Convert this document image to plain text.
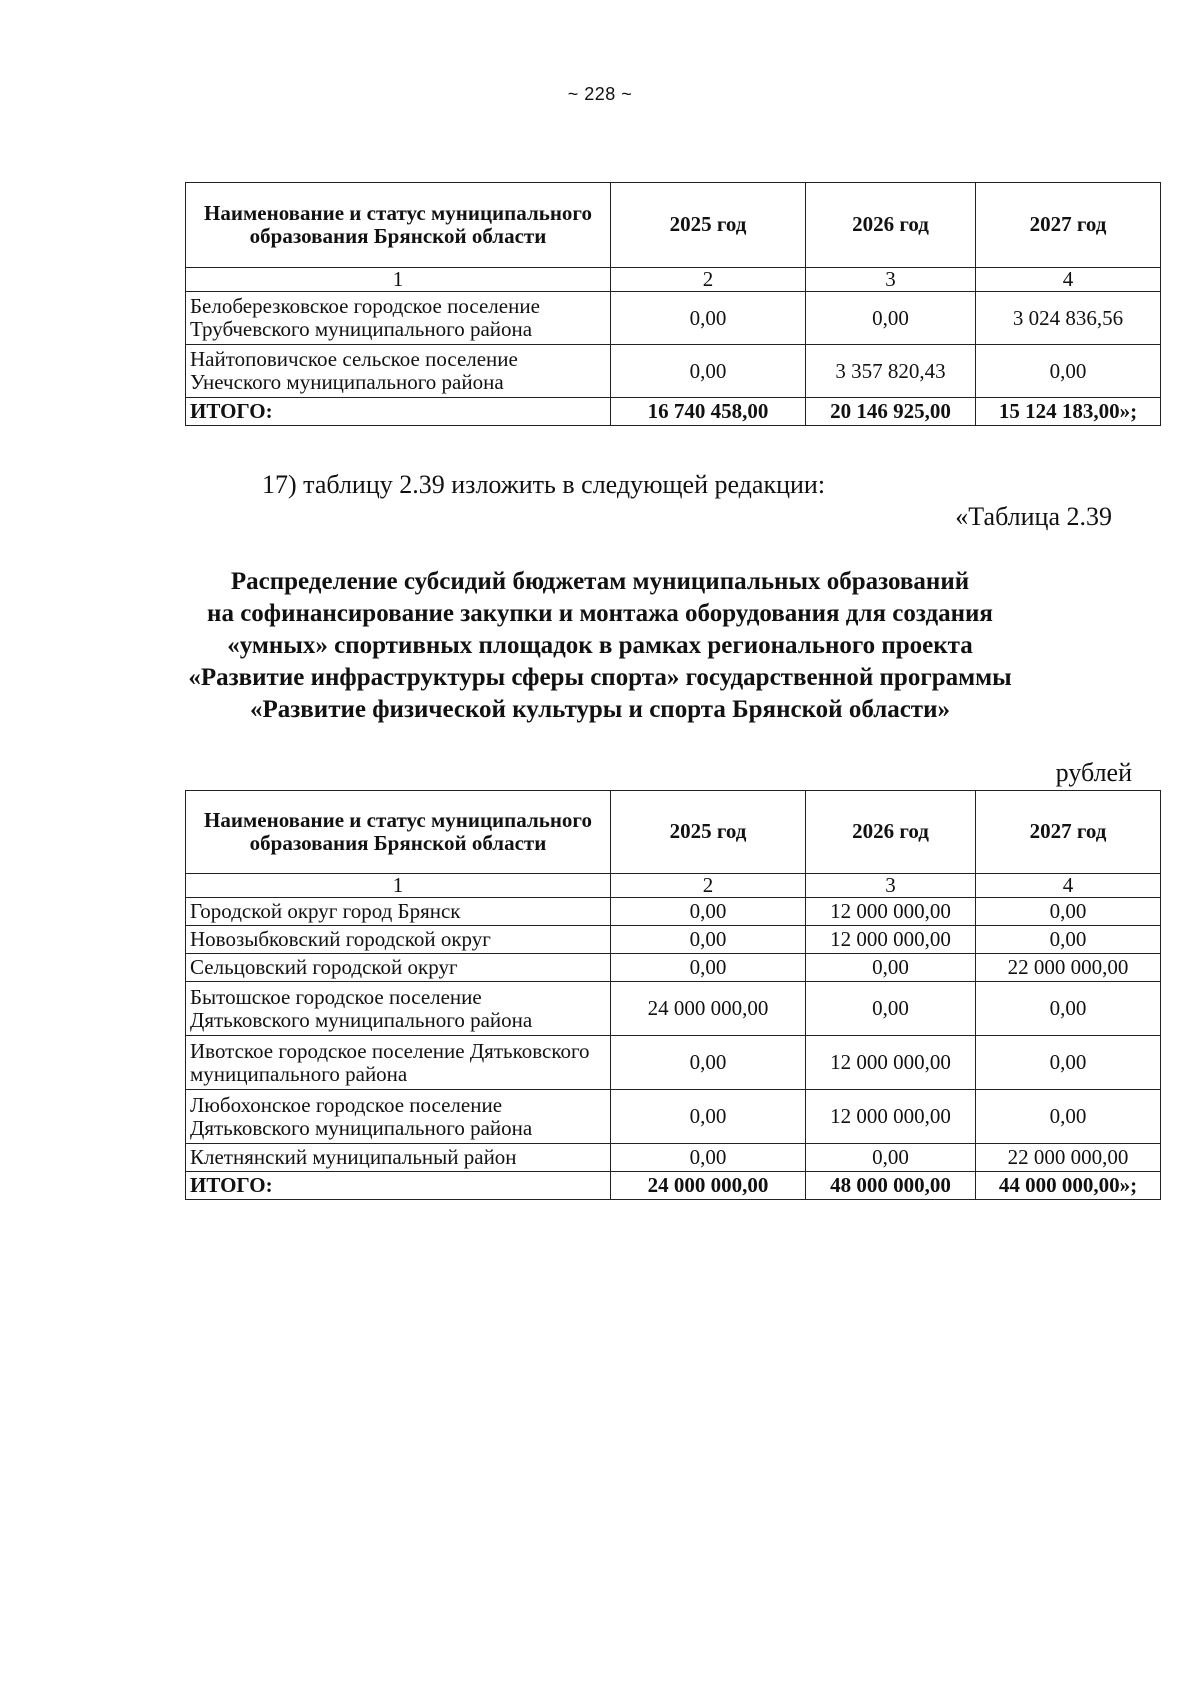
~ 228 ~
Наименование и статус муниципального образования Брянской области	2025 год	2026 год	2027 год
1	2	3	4
Белоберезковское городское поселение Трубчевского муниципального района	0,00	0,00	3 024 836,56
Найтоповичское сельское поселение Унечского муниципального района	0,00	3 357 820,43	0,00
ИТОГО:	16 740 458,00	20 146 925,00	15 124 183,00»;
17) таблицу 2.39 изложить в следующей редакции:
«Таблица 2.39
Распределение субсидий бюджетам муниципальных образований
на софинансирование закупки и монтажа оборудования для создания
«умных» спортивных площадок в рамках регионального проекта
«Развитие инфраструктуры сферы спорта» государственной программы
«Развитие физической культуры и спорта Брянской области»
рублей
Наименование и статус муниципального образования Брянской области	2025 год	2026 год	2027 год
1	2	3	4
Городской округ город Брянск	0,00	12 000 000,00	0,00
Новозыбковский городской округ	0,00	12 000 000,00	0,00
Сельцовский городской округ	0,00	0,00	22 000 000,00
Бытошское городское поселение Дятьковского муниципального района	24 000 000,00	0,00	0,00
Ивотское городское поселение Дятьковского муниципального района	0,00	12 000 000,00	0,00
Любохонское городское поселение Дятьковского муниципального района	0,00	12 000 000,00	0,00
Клетнянский муниципальный район	0,00	0,00	22 000 000,00
ИТОГО:	24 000 000,00	48 000 000,00	44 000 000,00»;
